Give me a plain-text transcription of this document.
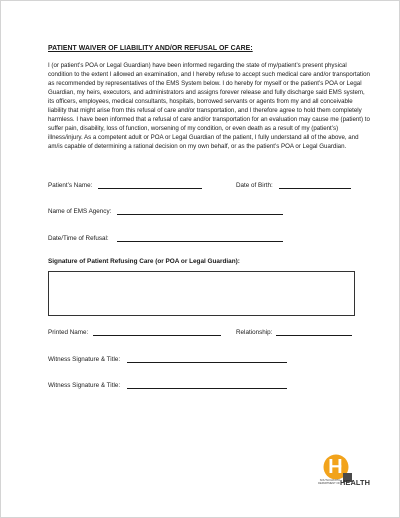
PATIENT WAIVER OF LIABILITY AND/OR REFUSAL OF CARE:
I (or patient’s POA or Legal Guardian) have been informed regarding the state of my/patient’s present physical condition to the extent I allowed an examination, and I hereby refuse to accept such medical care and/or transportation as recommended by representatives of the EMS System below. I do hereby for myself or the patient’s POA or Legal Guardian, my heirs, executors, and administrators and assigns forever release and fully discharge said EMS system, its officers, employees, medical consultants, hospitals, borrowed servants or agents from my and all conceivable liability that might arise from this refusal of care and/or transportation, and I therefore agree to hold them completely harmless. I have been informed that a refusal of care and/or transportation for an evaluation may cause me (patient) to suffer pain, disability, loss of function, worsening of my condition, or even death as a result of my (patient’s) illness/injury. As a competent adult or POA or Legal Guardian of the patient, I fully understand all of the above, and am/is capable of determining a rational decision on my own behalf, or as the patient’s POA or Legal Guardian.
Patient’s Name:	Date of Birth:
Name of EMS Agency:
Date/Time of Refusal:
Signature of Patient Refusing Care (or POA or Legal Guardian):
Printed Name:	Relationship:
Witness Signature & Title:
Witness Signature & Title:
SOUTH DAKOTA
DEPARTMENT OF HEALTH
